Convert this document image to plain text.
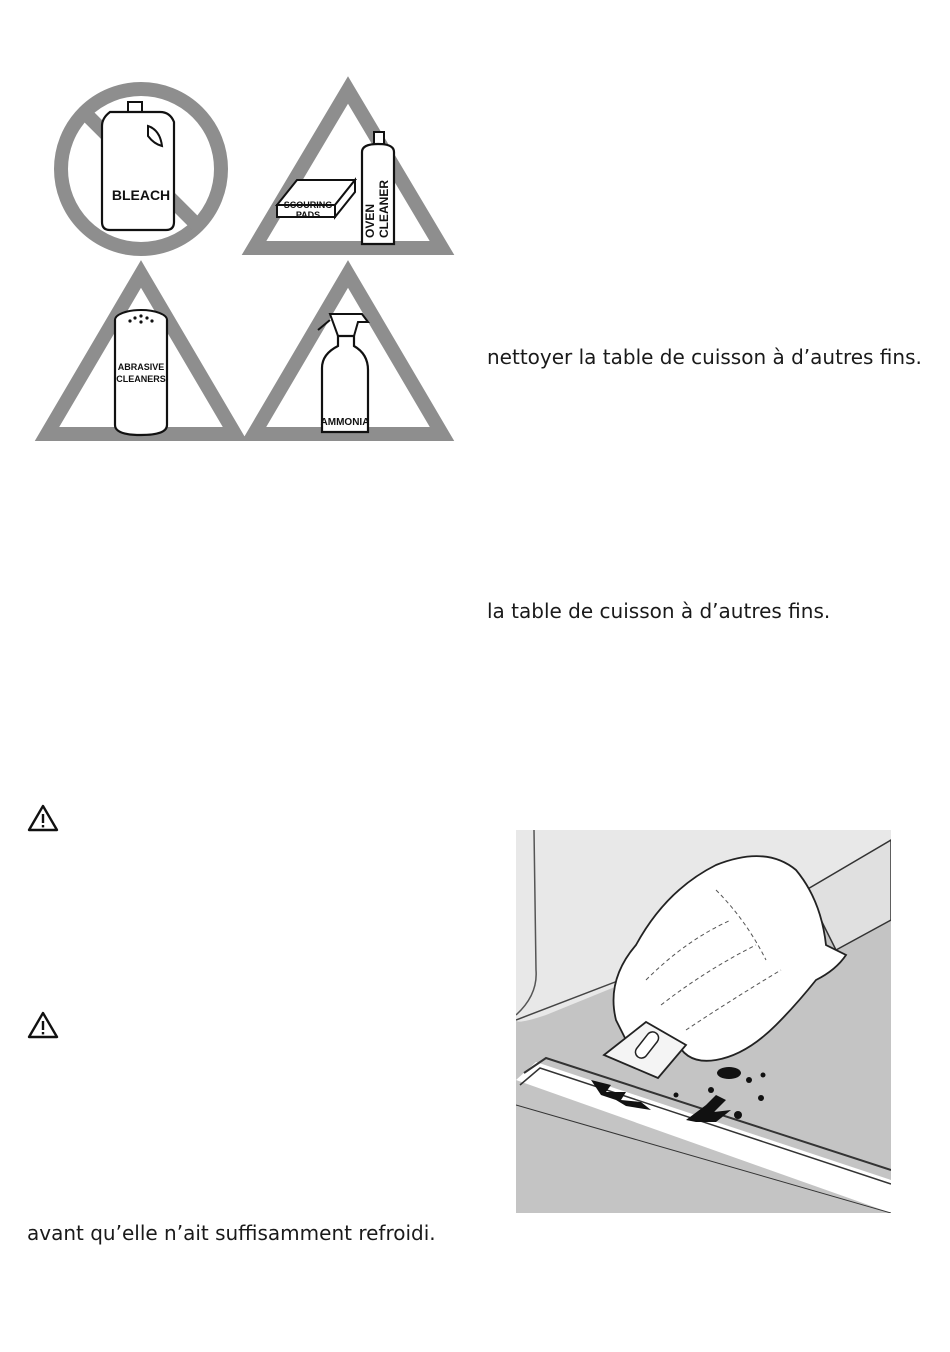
BLEACH
SCOURING
PADS	OVEN CLEANER
ABRASIVE
CLEANERS
AMMONIA
nettoyer la table de cuisson à d’autres fins.
la table de cuisson à d’autres fins.
avant qu’elle n’ait suffisamment refroidi.
